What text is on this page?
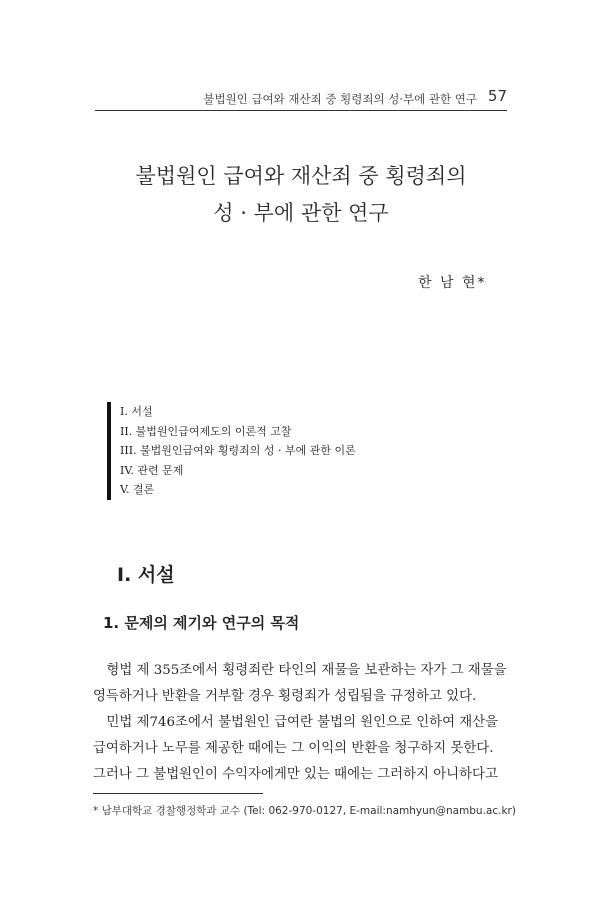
불법원인 급여와 재산죄 중 횡령죄의 성·부에 관한 연구 57
불법원인 급여와 재산죄 중 횡령죄의
성 · 부에 관한 연구
한 남 현*
I. 서설
II. 불법원인급여제도의 이론적 고찰
III. 불법원인급여와 횡령죄의 성 · 부에 관한 이론
IV. 관련 문제
V. 결론
I. 서설
1. 문제의 제기와 연구의 목적
　형법 제 355조에서 횡령죄란 타인의 재물을 보관하는 자가 그 재물을
영득하거나 반환을 거부할 경우 횡령죄가 성립됨을 규정하고 있다.
　민법 제746조에서 불법원인 급여란 불법의 원인으로 인하여 재산을
급여하거나 노무를 제공한 때에는 그 이익의 반환을 청구하지 못한다.
그러나 그 불법원인이 수익자에게만 있는 때에는 그러하지 아니하다고
* 남부대학교 경찰행정학과 교수 (Tel: 062-970-0127, E-mail:namhyun@nambu.ac.kr)
